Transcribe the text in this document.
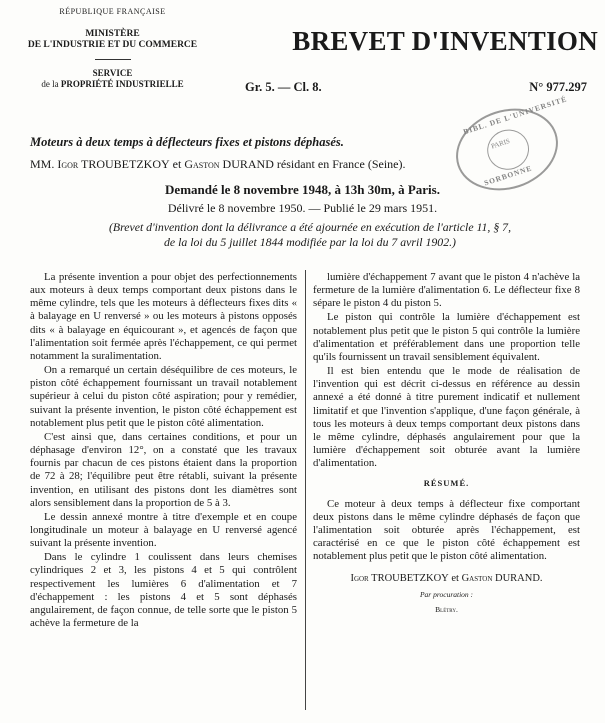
RÉPUBLIQUE FRANÇAISE
MINISTÈRE
DE L'INDUSTRIE ET DU COMMERCE
SERVICE
de la PROPRIÉTÉ INDUSTRIELLE
BREVET D'INVENTION
Gr. 5. — Cl. 8.	N° 977.297
BIBL. DE L'UNIVERSITÉ
PARIS
SORBONNE
Moteurs à deux temps à déflecteurs fixes et pistons déphasés.
MM. Igor TROUBETZKOY et Gaston DURAND résidant en France (Seine).
Demandé le 8 novembre 1948, à 13h 30m, à Paris.
Délivré le 8 novembre 1950. — Publié le 29 mars 1951.
(Brevet d'invention dont la délivrance a été ajournée en exécution de l'article 11, § 7,
de la loi du 5 juillet 1844 modifiée par la loi du 7 avril 1902.)

La présente invention a pour objet des perfectionnements aux moteurs à deux temps comportant deux pistons dans le même cylindre, tels que les moteurs à déflecteurs fixes dits « à balayage en U renversé » ou les moteurs à pistons opposés dits « à balayage en équicourant », et agencés de façon que l'alimentation soit fermée après l'échappement, ce qui permet notamment la suralimentation.

On a remarqué un certain déséquilibre de ces moteurs, le piston côté échappement fournissant un travail notablement supérieur à celui du piston côté aspiration; pour y remédier, suivant la présente invention, le piston côté échappement est notablement plus petit que le piston côté alimentation.

C'est ainsi que, dans certaines conditions, et pour un déphasage d'environ 12°, on a constaté que les travaux fournis par chacun de ces pistons étaient dans la proportion de 72 à 28; l'équilibre peut être rétabli, suivant la présente invention, en utilisant des pistons dont les diamètres sont alors sensiblement dans la proportion de 5 à 3.

Le dessin annexé montre à titre d'exemple et en coupe longitudinale un moteur à balayage en U renversé agencé suivant la présente invention.

Dans le cylindre 1 coulissent dans leurs chemises cylindriques 2 et 3, les pistons 4 et 5 qui contrôlent respectivement les lumières 6 d'alimentation et 7 d'échappement : les pistons 4 et 5 sont déphasés angulairement, de façon connue, de telle sorte que le piston 5 achève la fermeture de la

lumière d'échappement 7 avant que le piston 4 n'achève la fermeture de la lumière d'alimentation 6. Le déflecteur fixe 8 sépare le piston 4 du piston 5.

Le piston qui contrôle la lumière d'échappement est notablement plus petit que le piston 5 qui contrôle la lumière d'alimentation et préférablement dans une proportion telle qu'ils fournissent un travail sensiblement équivalent.

Il est bien entendu que le mode de réalisation de l'invention qui est décrit ci-dessus en référence au dessin annexé a été donné à titre purement indicatif et nullement limitatif et que l'invention s'applique, d'une façon générale, à tous les moteurs à deux temps comportant deux pistons dans le même cylindre, déphasés angulairement pour que la lumière d'échappement soit obturée avant la lumière d'alimentation.

RÉSUMÉ.

Ce moteur à deux temps à déflecteur fixe comportant deux pistons dans le même cylindre déphasés de façon que l'alimentation soit obturée après l'échappement, est caractérisé en ce que le piston côté échappement est notablement plus petit que le piston côté alimentation.

Igor TROUBETZKOY et Gaston DURAND.

Par procuration :

Blétry.
